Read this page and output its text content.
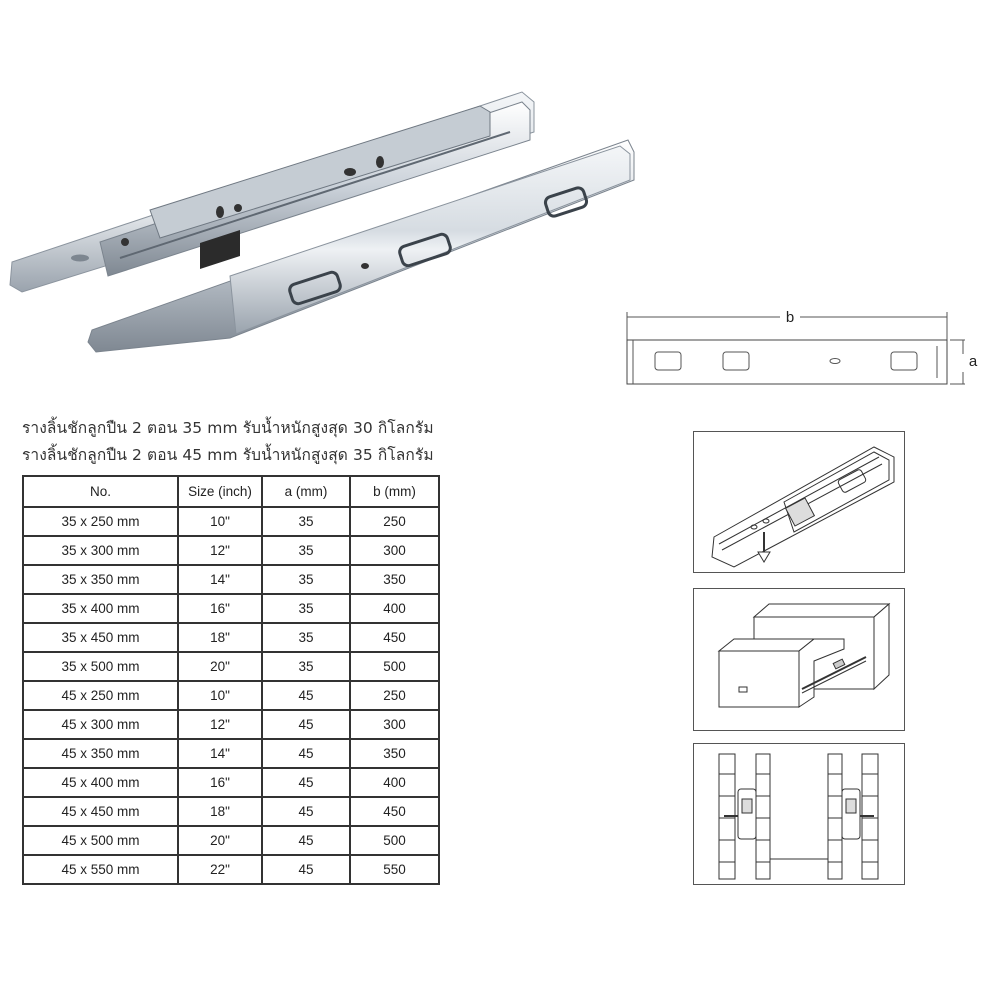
b
a
รางลิ้นชักลูกปืน 2 ตอน 35 mm รับน้ำหนักสูงสุด 30 กิโลกรัม
รางลิ้นชักลูกปืน 2 ตอน 45 mm รับน้ำหนักสูงสุด 35 กิโลกรัม
No.	Size (inch)	a (mm)	b (mm)
35 x 250 mm	10"	35	250
35 x 300 mm	12"	35	300
35 x 350 mm	14"	35	350
35 x 400 mm	16"	35	400
35 x 450 mm	18"	35	450
35 x 500 mm	20"	35	500
45 x 250 mm	10"	45	250
45 x 300 mm	12"	45	300
45 x 350 mm	14"	45	350
45 x 400 mm	16"	45	400
45 x 450 mm	18"	45	450
45 x 500 mm	20"	45	500
45 x 550 mm	22"	45	550
